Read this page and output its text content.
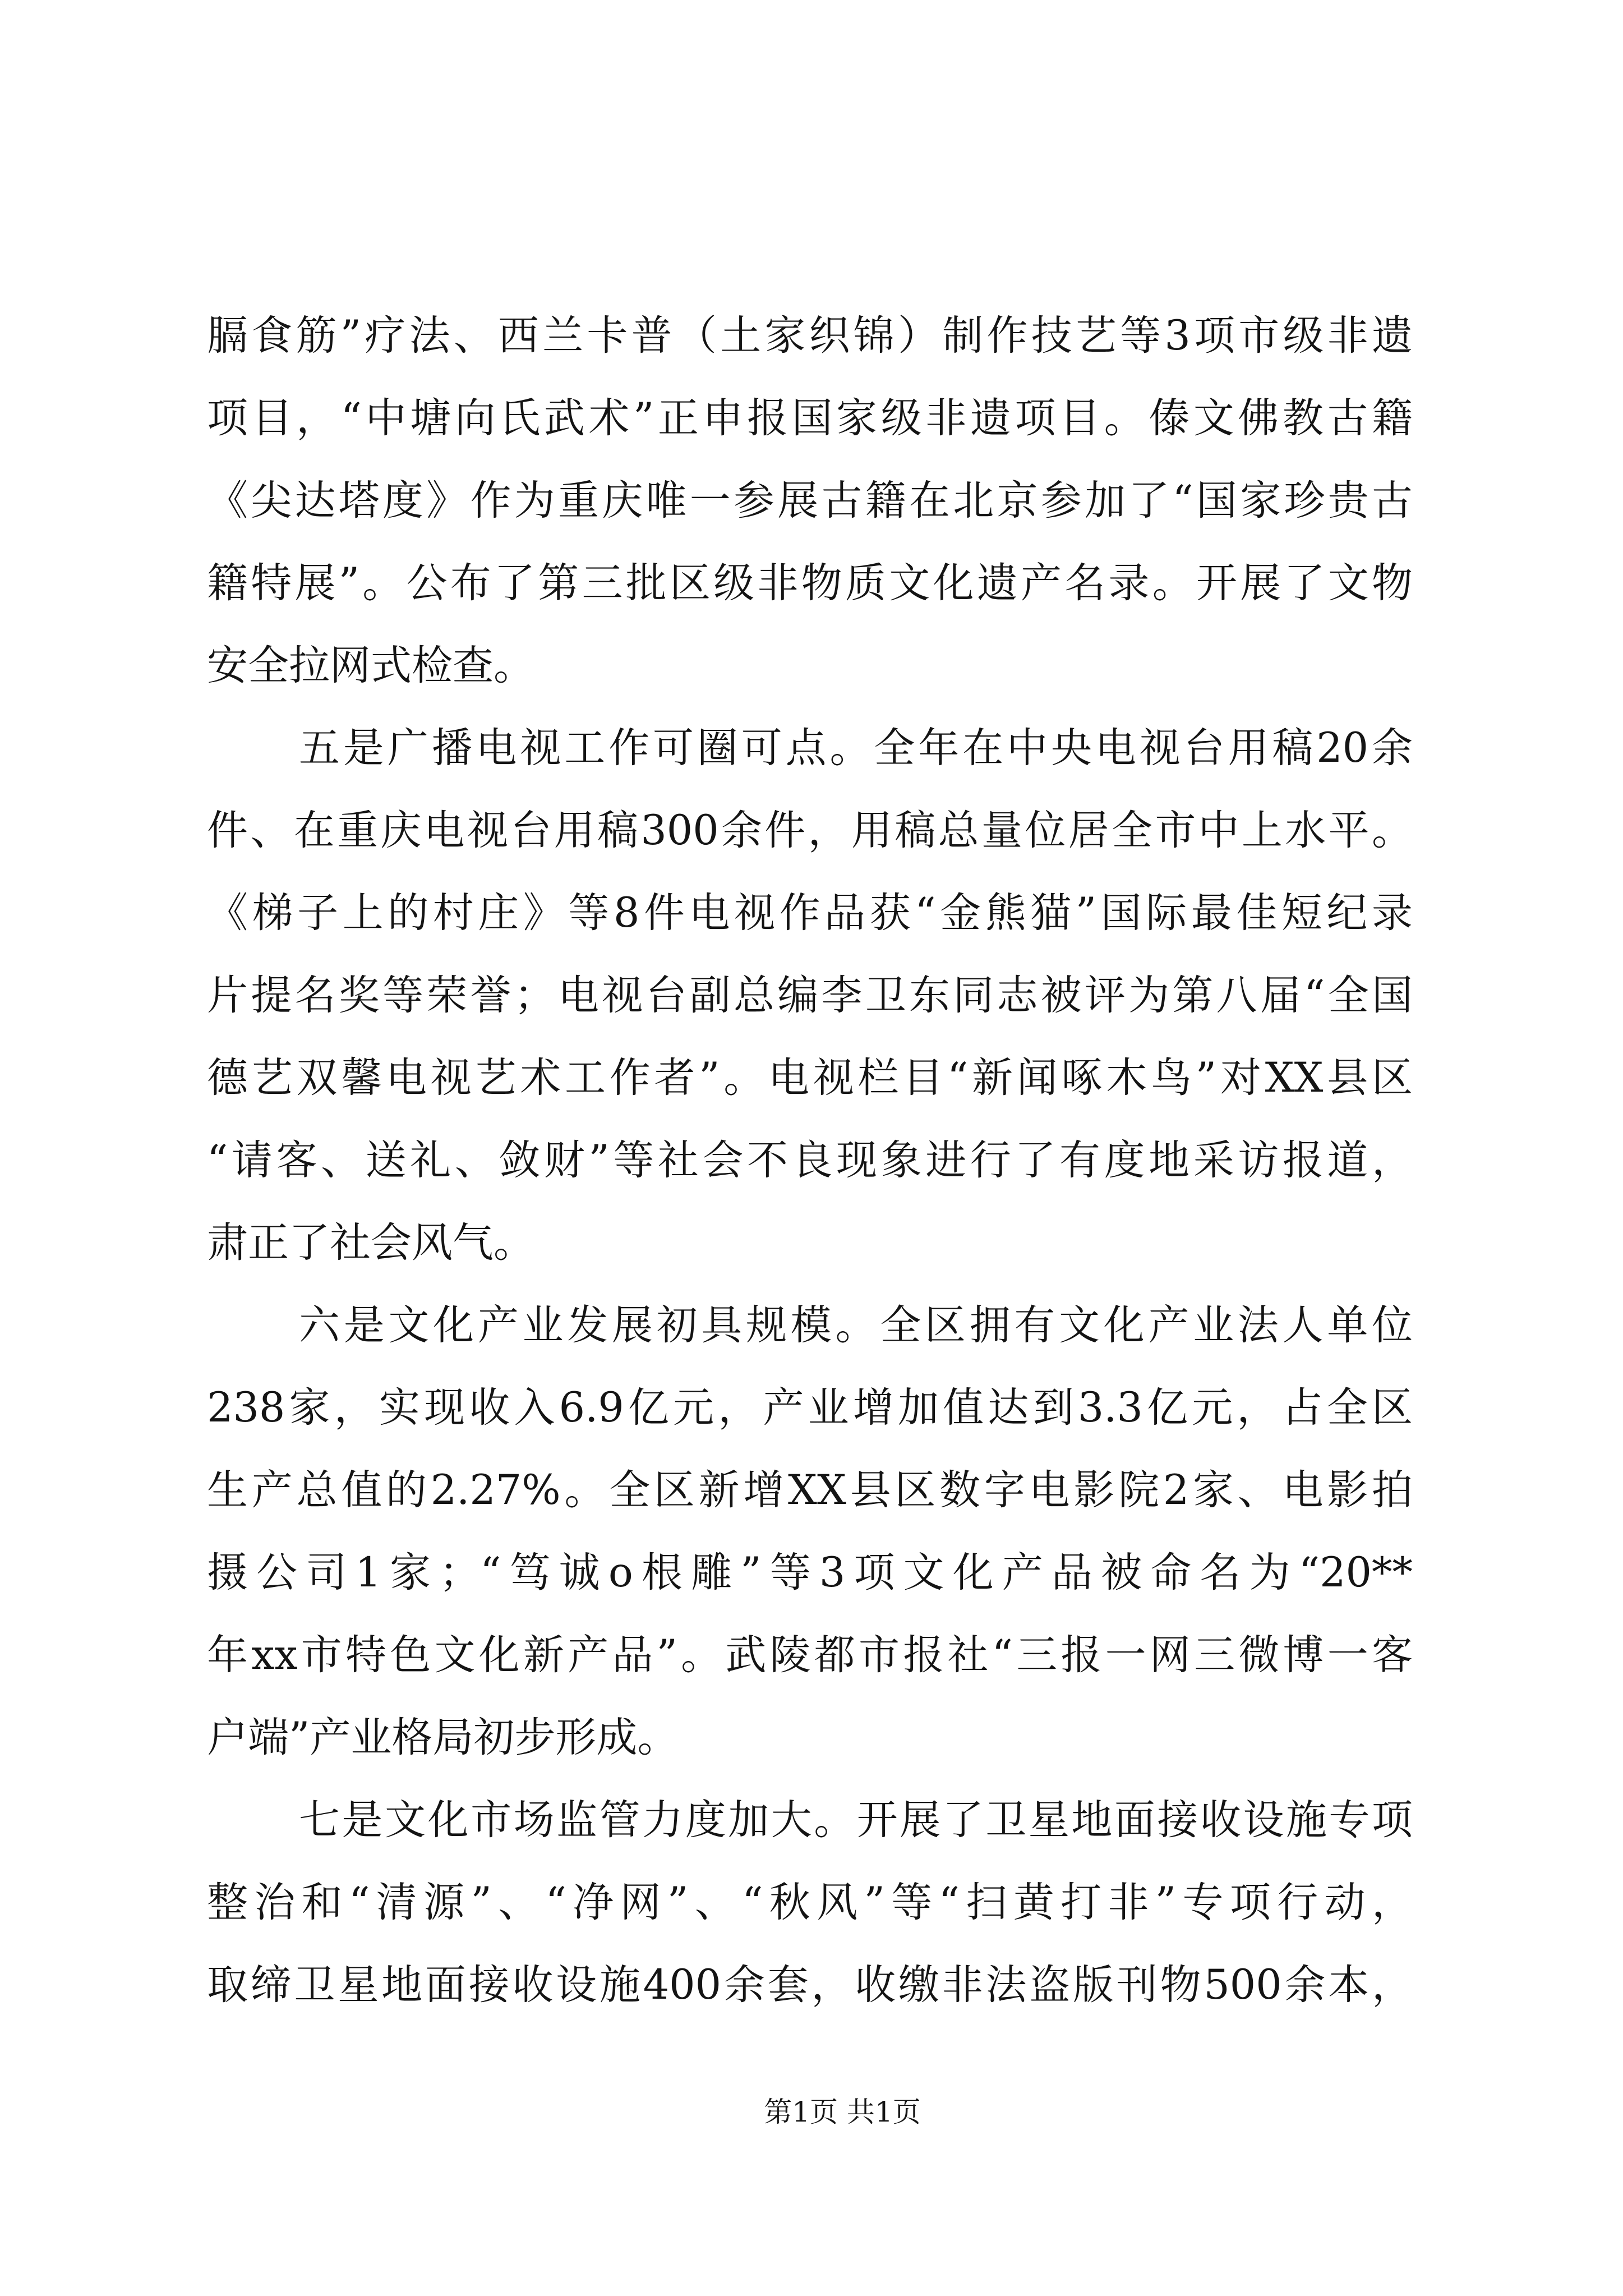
膈食筋”疗法、西兰卡普（土家织锦）制作技艺等3项市级非遗
项目，“中塘向氏武术”正申报国家级非遗项目。傣文佛教古籍
《尖达塔度》作为重庆唯一参展古籍在北京参加了“国家珍贵古
籍特展”。公布了第三批区级非物质文化遗产名录。开展了文物
安全拉网式检查。
五是广播电视工作可圈可点。全年在中央电视台用稿20余
件、在重庆电视台用稿300余件，用稿总量位居全市中上水平。
《梯子上的村庄》等8件电视作品获“金熊猫”国际最佳短纪录
片提名奖等荣誉；电视台副总编李卫东同志被评为第八届“全国
德艺双馨电视艺术工作者”。电视栏目“新闻啄木鸟”对XX县区
“请客、送礼、敛财”等社会不良现象进行了有度地采访报道，
肃正了社会风气。
六是文化产业发展初具规模。全区拥有文化产业法人单位
238家，实现收入6.9亿元，产业增加值达到3.3亿元，占全区
生产总值的2.27%。全区新增XX县区数字电影院2家、电影拍
摄公司1家；“笃诚o根雕”等3项文化产品被命名为“20**
年xx市特色文化新产品”。武陵都市报社“三报一网三微博一客
户端”产业格局初步形成。
七是文化市场监管力度加大。开展了卫星地面接收设施专项
整治和“清源”、“净网”、“秋风”等“扫黄打非”专项行动，
取缔卫星地面接收设施400余套，收缴非法盗版刊物500余本，
第1页 共1页
